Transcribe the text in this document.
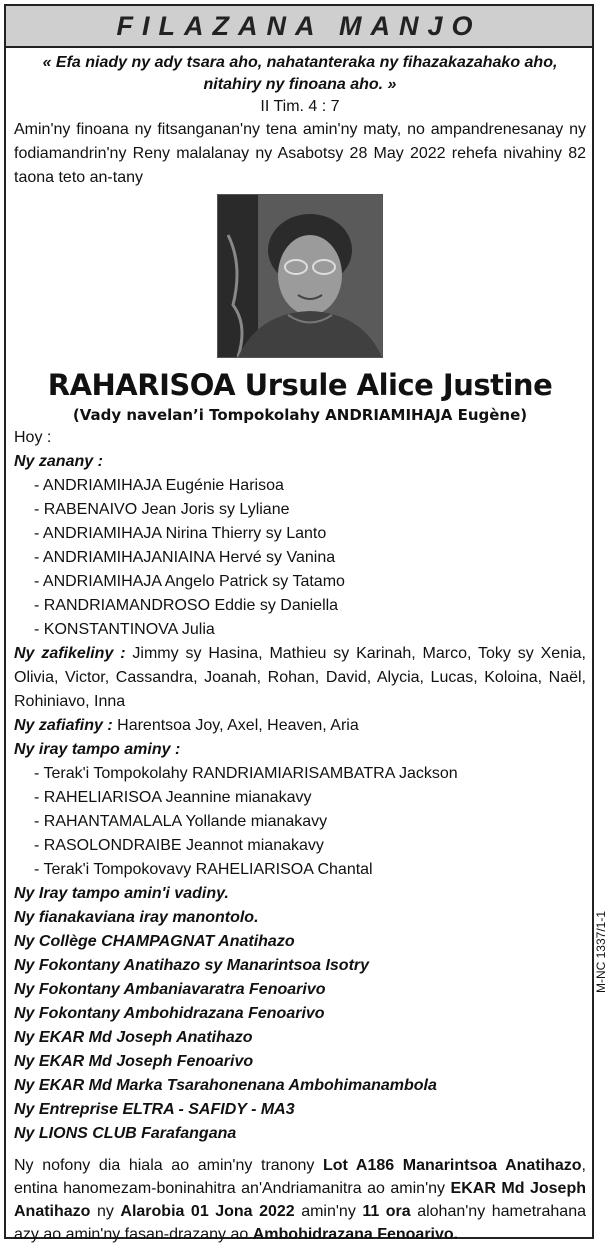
FILAZANA MANJO
« Efa niady ny ady tsara aho, nahatanteraka ny fihazakazahako aho, nitahiry ny finoana aho. »
II Tim. 4 : 7
Amin'ny finoana ny fitsanganan'ny tena amin'ny maty, no ampandrenesanay ny fodiamandrin'ny Reny malalanay ny Asabotsy 28 May 2022 rehefa nivahiny 82 taona teto an-tany
RAHARISOA Ursule Alice Justine
(Vady navelan’i Tompokolahy ANDRIAMIHAJA Eugène)
Hoy :
Ny zanany :
- ANDRIAMIHAJA Eugénie Harisoa
- RABENAIVO Jean Joris sy Lyliane
- ANDRIAMIHAJA Nirina Thierry sy Lanto
- ANDRIAMIHAJANIAINA Hervé sy Vanina
- ANDRIAMIHAJA Angelo Patrick sy Tatamo
- RANDRIAMANDROSO Eddie sy Daniella
- KONSTANTINOVA Julia
Ny zafikeliny : Jimmy sy Hasina, Mathieu sy Karinah, Marco, Toky sy Xenia, Olivia, Victor, Cassandra, Joanah, Rohan, David, Alycia, Lucas, Koloina, Naël, Rohiniavo, Inna
Ny zafiafiny : Harentsoa Joy, Axel, Heaven, Aria
Ny iray tampo aminy :
- Terak'i Tompokolahy RANDRIAMIARISAMBATRA Jackson
- RAHELIARISOA Jeannine mianakavy
- RAHANTAMALALA Yollande mianakavy
- RASOLONDRAIBE Jeannot mianakavy
- Terak'i Tompokovavy RAHELIARISOA Chantal
Ny Iray tampo amin'i vadiny.
Ny fianakaviana iray manontolo.
Ny Collège CHAMPAGNAT Anatihazo
Ny Fokontany Anatihazo sy Manarintsoa Isotry
Ny Fokontany Ambaniavaratra Fenoarivo
Ny Fokontany Ambohidrazana Fenoarivo
Ny EKAR Md Joseph Anatihazo
Ny EKAR Md Joseph Fenoarivo
Ny EKAR Md Marka Tsarahonenana Ambohimanambola
Ny Entreprise ELTRA - SAFIDY - MA3
Ny LIONS CLUB Farafangana
Ny nofony dia hiala ao amin'ny tranony Lot A186 Manarintsoa Anatihazo, entina hanomezam-boninahitra an'Andriamanitra ao amin'ny EKAR Md Joseph Anatihazo ny Alarobia 01 Jona 2022 amin'ny 11 ora alohan'ny hametrahana azy ao amin'ny fasan-drazany ao Ambohidrazana Fenoarivo.
M-NC 1337/1-1
